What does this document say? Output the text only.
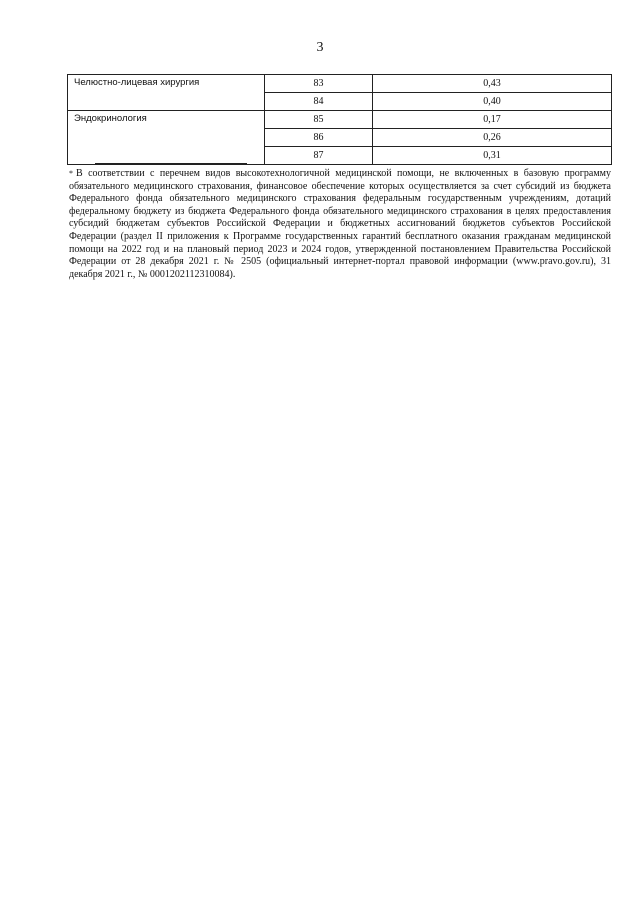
3
Челюстно-лицевая хирургия	83	0,43
	84	0,40
Эндокринология	85	0,17
	86	0,26
	87	0,31
* В соответствии с перечнем видов высокотехнологичной медицинской помощи, не включенных в базовую программу обязательного медицинского страхования, финансовое обеспечение которых осуществляется за счет субсидий из бюджета Федерального фонда обязательного медицинского страхования федеральным государственным учреждениям, дотаций федеральному бюджету из бюджета Федерального фонда обязательного медицинского страхования в целях предоставления субсидий бюджетам субъектов Российской Федерации и бюджетных ассигнований бюджетов субъектов Российской Федерации (раздел II приложения к Программе государственных гарантий бесплатного оказания гражданам медицинской помощи на 2022 год и на плановый период 2023 и 2024 годов, утвержденной постановлением Правительства Российской Федерации от 28 декабря 2021 г. № 2505 (официальный интернет-портал правовой информации (www.pravo.gov.ru), 31 декабря 2021 г., № 0001202112310084).
